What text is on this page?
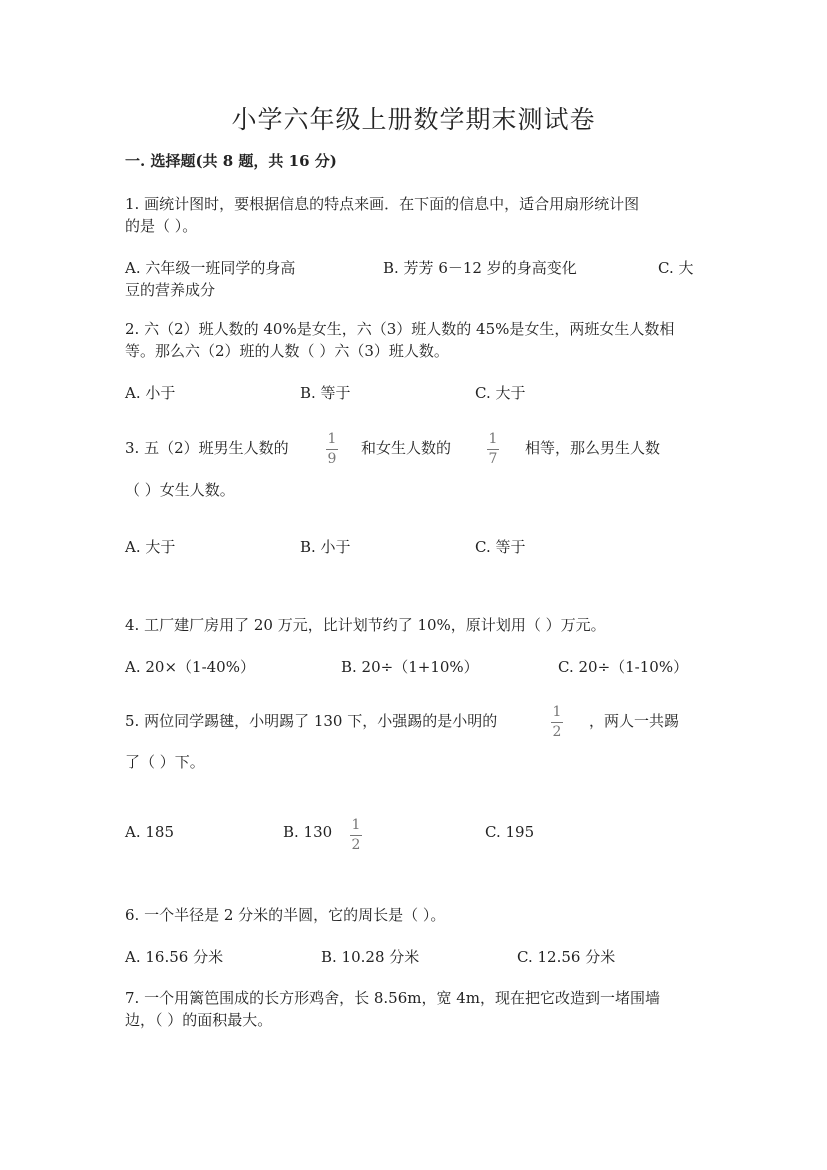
小学六年级上册数学期末测试卷
一. 选择题(共 8 题，共 16 分)
1. 画统计图时，要根据信息的特点来画．在下面的信息中，适合用扇形统计图
的是（ ）。
A. 六年级一班同学的身高	B. 芳芳 6－12 岁的身高变化	C. 大
豆的营养成分
2. 六（2）班人数的 40%是女生，六（3）班人数的 45%是女生，两班女生人数相
等。那么六（2）班的人数（ ）六（3）班人数。
A. 小于	B. 等于	C. 大于
3. 五（2）班男生人数的	1
9
和女生人数的	1
7
相等，那么男生人数
（ ）女生人数。
A. 大于	B. 小于	C. 等于
4. 工厂建厂房用了 20 万元，比计划节约了 10%，原计划用（ ）万元。
A. 20×（1-40%）	B. 20÷（1+10%）	C. 20÷（1-10%）
5. 两位同学踢毽，小明踢了 130 下，小强踢的是小明的	1
2
，两人一共踢
了（ ）下。
A. 185	B. 130 1
2
C. 195
6. 一个半径是 2 分米的半圆，它的周长是（ ）。
A. 16.56 分米	B. 10.28 分米	C. 12.56 分米
7. 一个用篱笆围成的长方形鸡舍，长 8.56m，宽 4m，现在把它改造到一堵围墙
边，（ ）的面积最大。
